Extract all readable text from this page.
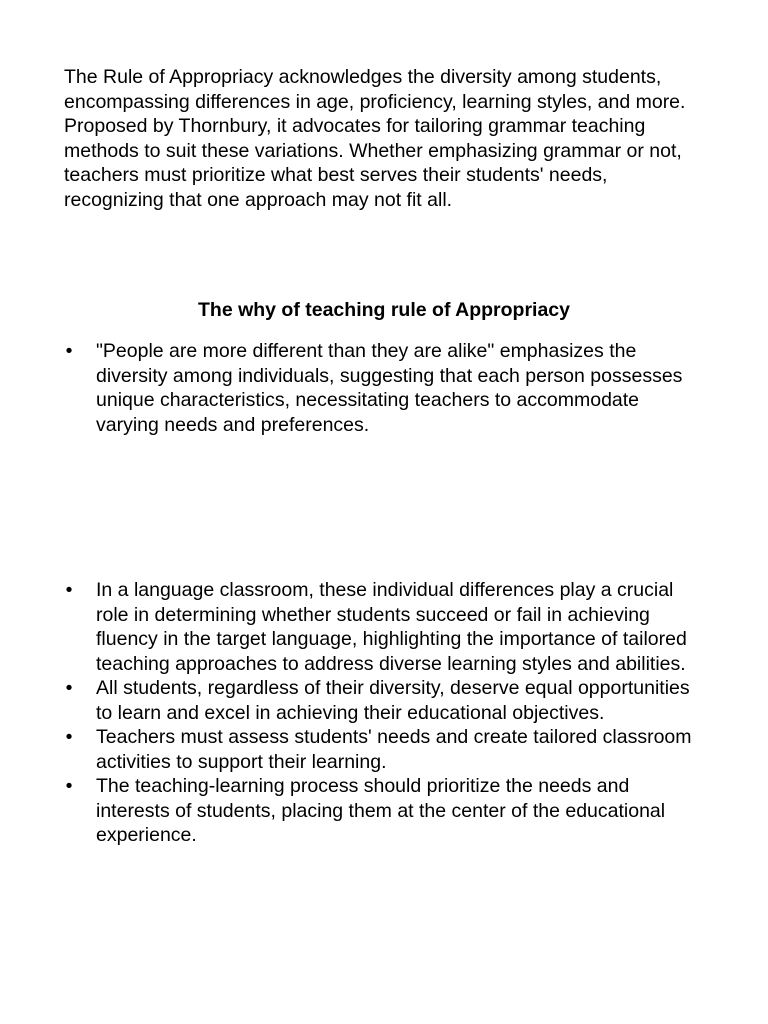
The Rule of Appropriacy acknowledges the diversity among students, encompassing differences in age, proficiency, learning styles, and more. Proposed by Thornbury, it advocates for tailoring grammar teaching methods to suit these variations. Whether emphasizing grammar or not, teachers must prioritize what best serves their students' needs, recognizing that one approach may not fit all.

The why of teaching rule of Appropriacy
• "People are more different than they are alike" emphasizes the diversity among individuals, suggesting that each person possesses unique characteristics, necessitating teachers to accommodate varying needs and preferences.
• In a language classroom, these individual differences play a crucial role in determining whether students succeed or fail in achieving fluency in the target language, highlighting the importance of tailored teaching approaches to address diverse learning styles and abilities.
• All students, regardless of their diversity, deserve equal opportunities to learn and excel in achieving their educational objectives.
• Teachers must assess students' needs and create tailored classroom activities to support their learning.
• The teaching-learning process should prioritize the needs and interests of students, placing them at the center of the educational experience.
